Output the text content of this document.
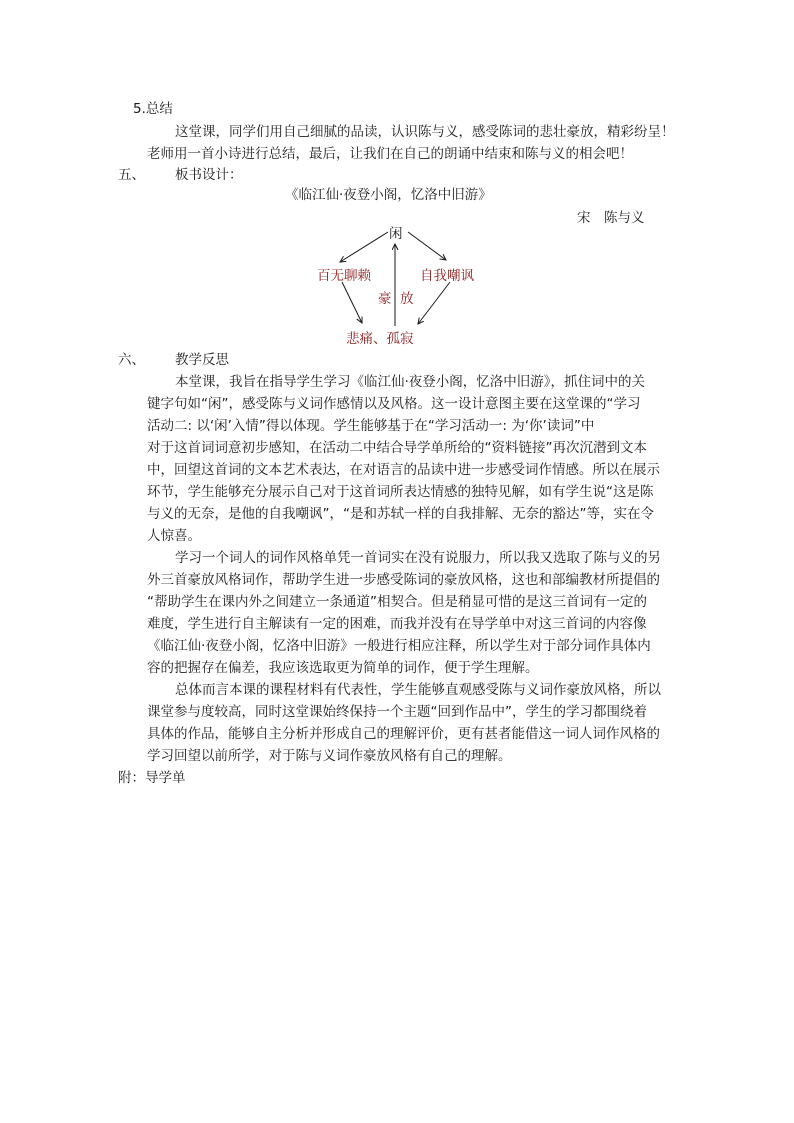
5.总结
这堂课，同学们用自己细腻的品读，认识陈与义，感受陈词的悲壮豪放，精彩纷呈！
老师用一首小诗进行总结，最后，让我们在自己的朗诵中结束和陈与义的相会吧！
五、 板书设计：
《临江仙·夜登小阁，忆洛中旧游》
宋　陈与义
闲
百无聊赖	自我嘲讽
豪 放
悲痛、孤寂
六、 教学反思
本堂课，我旨在指导学生学习《临江仙·夜登小阁，忆洛中旧游》，抓住词中的关
键字句如“闲”，感受陈与义词作感情以及风格。这一设计意图主要在这堂课的“学习
活动二: 以‘闲’入情”得以体现。学生能够基于在“学习活动一: 为‘你’读词”中
对于这首词词意初步感知，在活动二中结合导学单所给的“资料链接”再次沉潜到文本
中，回望这首词的文本艺术表达，在对语言的品读中进一步感受词作情感。所以在展示
环节，学生能够充分展示自己对于这首词所表达情感的独特见解，如有学生说“这是陈
与义的无奈，是他的自我嘲讽”，“是和苏轼一样的自我排解、无奈的豁达”等，实在令
人惊喜。
学习一个词人的词作风格单凭一首词实在没有说服力，所以我又选取了陈与义的另
外三首豪放风格词作，帮助学生进一步感受陈词的豪放风格，这也和部编教材所提倡的
“帮助学生在课内外之间建立一条通道”相契合。但是稍显可惜的是这三首词有一定的
难度，学生进行自主解读有一定的困难，而我并没有在导学单中对这三首词的内容像
《临江仙·夜登小阁，忆洛中旧游》一般进行相应注释，所以学生对于部分词作具体内
容的把握存在偏差，我应该选取更为简单的词作，便于学生理解。
总体而言本课的课程材料有代表性，学生能够直观感受陈与义词作豪放风格，所以
课堂参与度较高，同时这堂课始终保持一个主题“回到作品中”，学生的学习都围绕着
具体的作品，能够自主分析并形成自己的理解评价，更有甚者能借这一词人词作风格的
学习回望以前所学，对于陈与义词作豪放风格有自己的理解。
附：导学单
